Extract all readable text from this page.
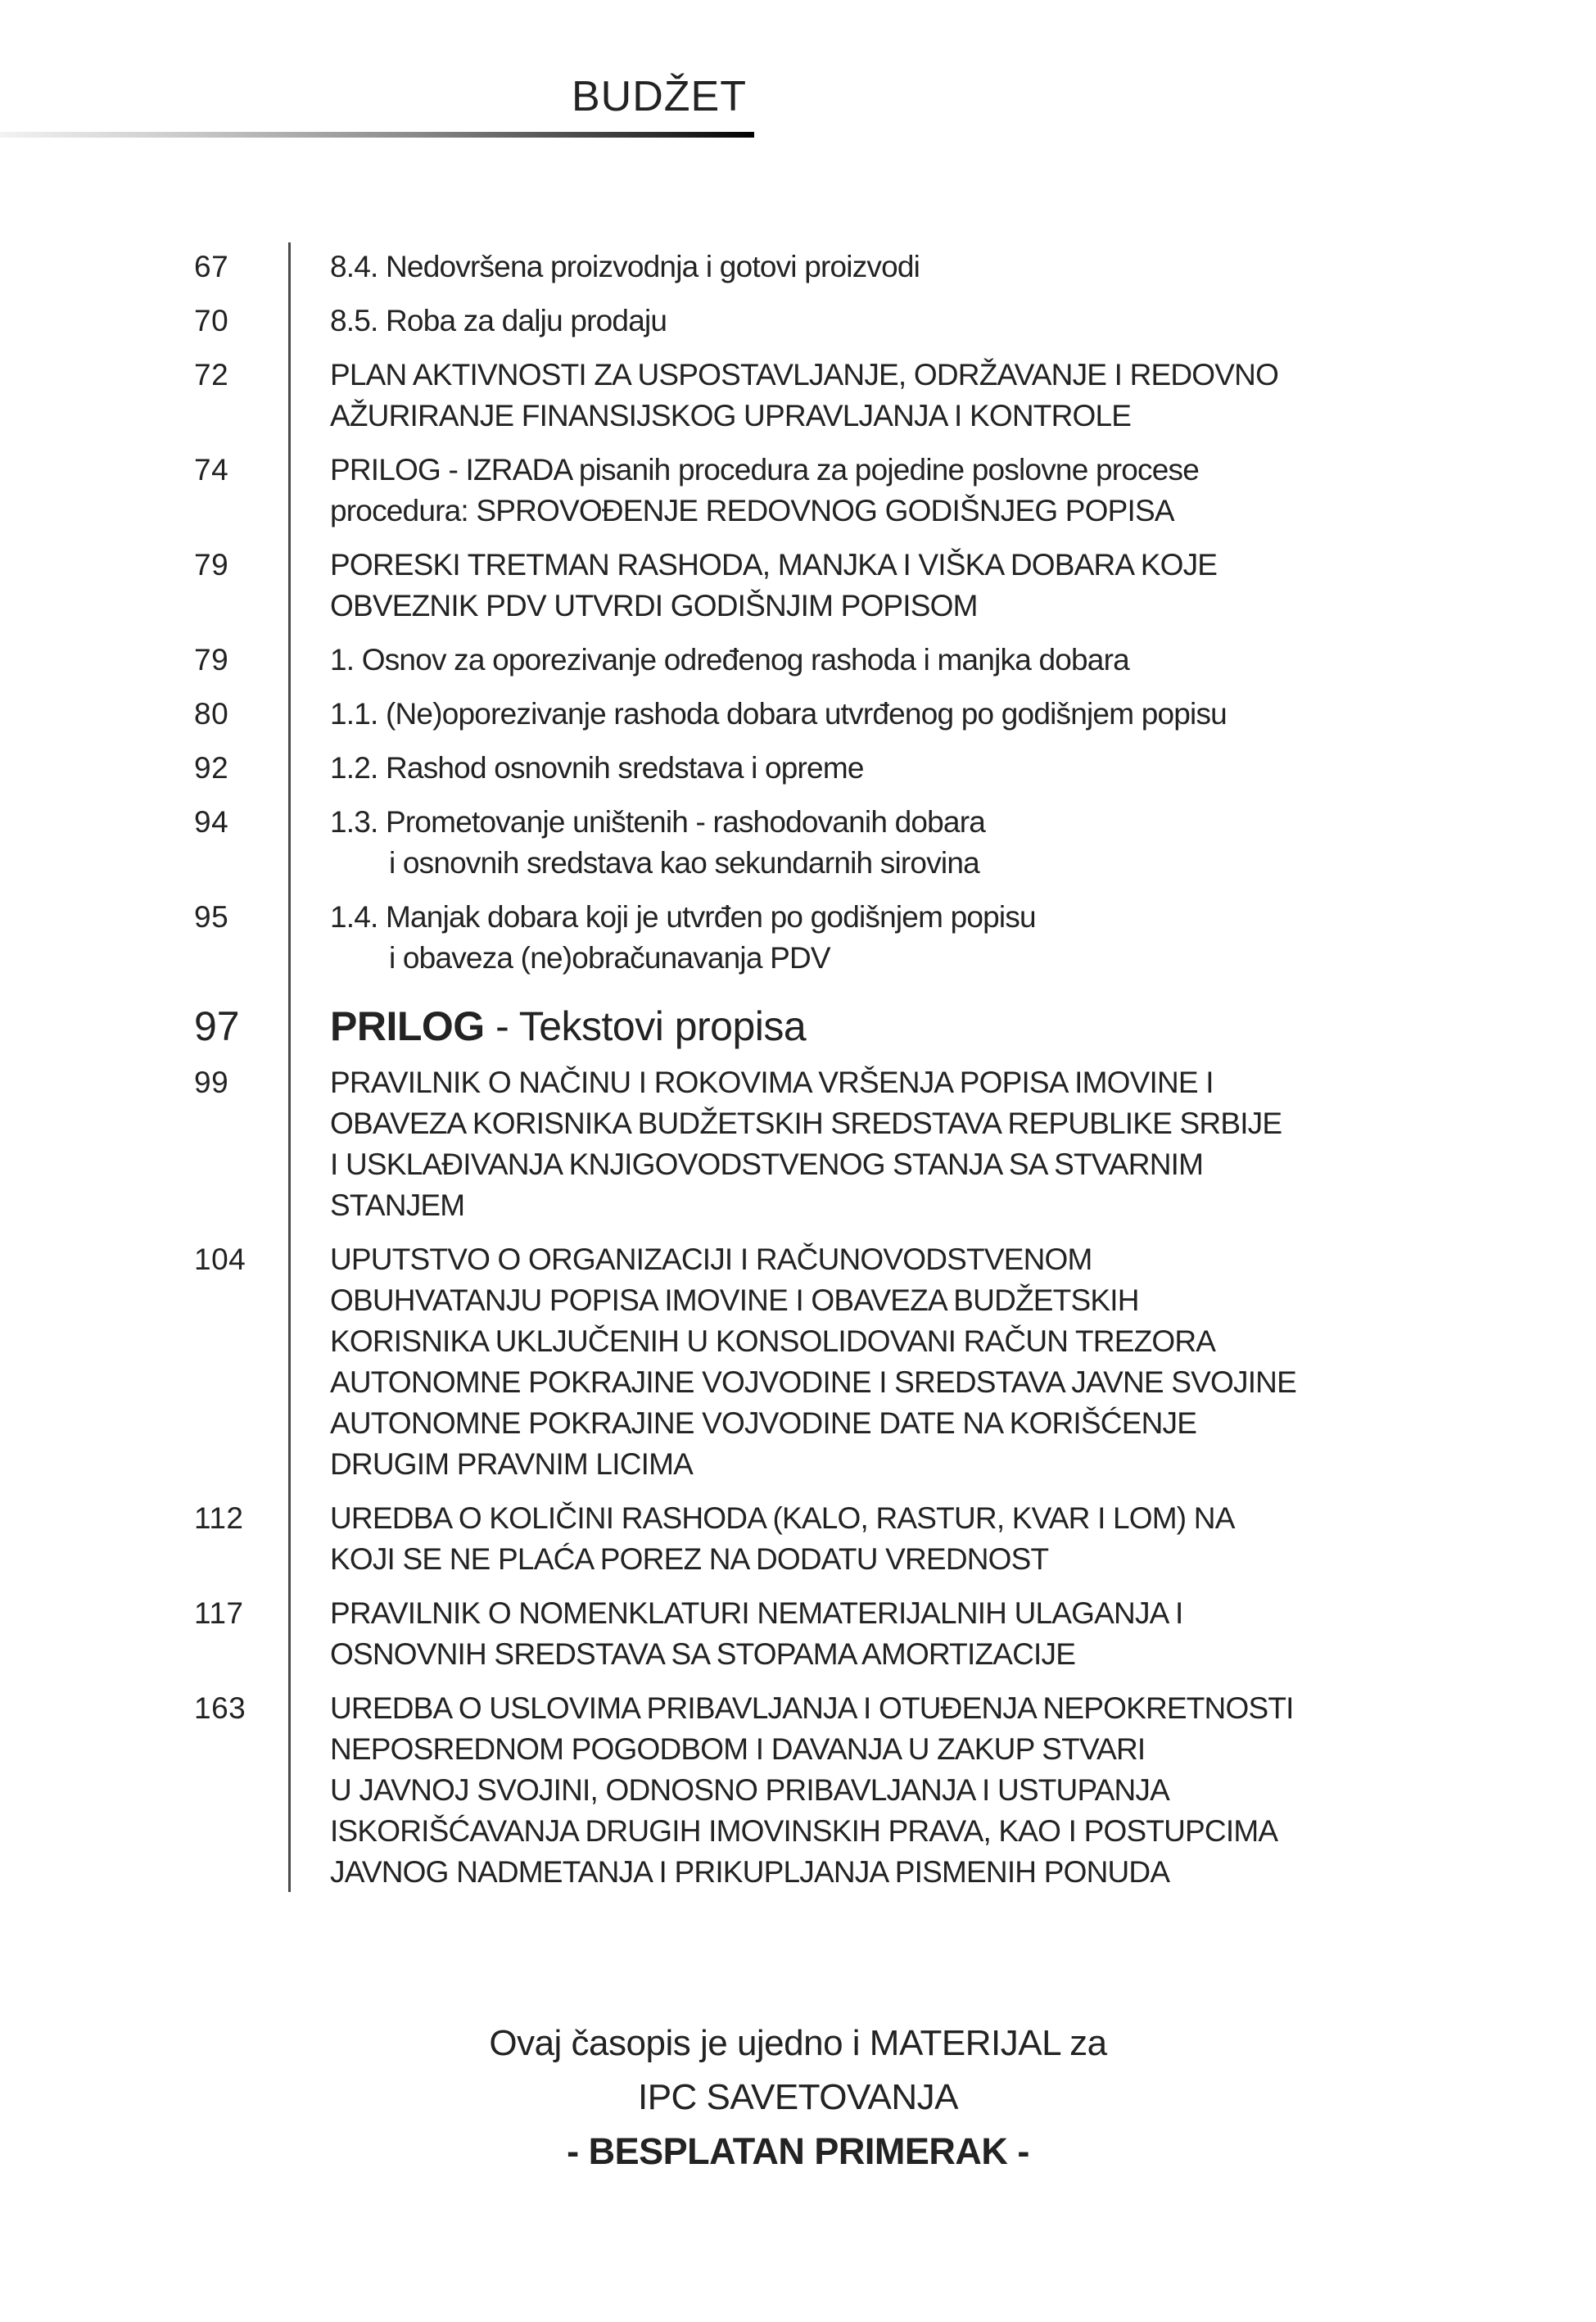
BUDŽET
67	8.4. Nedovršena proizvodnja i gotovi proizvodi
70	8.5. Roba za dalju prodaju
72	PLAN AKTIVNOSTI ZA USPOSTAVLJANJE, ODRŽAVANJE I REDOVNO
AŽURIRANJE FINANSIJSKOG UPRAVLJANJA I KONTROLE
74	PRILOG - IZRADA pisanih procedura za pojedine poslovne procese
procedura: SPROVOĐENJE REDOVNOG GODIŠNJEG POPISA
79	PORESKI TRETMAN RASHODA, MANJKA I VIŠKA DOBARA KOJE
OBVEZNIK PDV UTVRDI GODIŠNJIM POPISOM
79	1. Osnov za oporezivanje određenog rashoda i manjka dobara
80	1.1. (Ne)oporezivanje rashoda dobara utvrđenog po godišnjem popisu
92	1.2. Rashod osnovnih sredstava i opreme
94	1.3. Prometovanje uništenih - rashodovanih dobara
i osnovnih sredstava kao sekundarnih sirovina
95	1.4. Manjak dobara koji je utvrđen po godišnjem popisu
i obaveza (ne)obračunavanja PDV
97	PRILOG - Tekstovi propisa
99	PRAVILNIK O NAČINU I ROKOVIMA VRŠENJA POPISA IMOVINE I
OBAVEZA KORISNIKA BUDŽETSKIH SREDSTAVA REPUBLIKE SRBIJE
I USKLAĐIVANJA KNJIGOVODSTVENOG STANJA SA STVARNIM
STANJEM
104	UPUTSTVO O ORGANIZACIJI I RAČUNOVODSTVENOM
OBUHVATANJU POPISA IMOVINE I OBAVEZA BUDŽETSKIH
KORISNIKA UKLJUČENIH U KONSOLIDOVANI RAČUN TREZORA
AUTONOMNE POKRAJINE VOJVODINE I SREDSTAVA JAVNE SVOJINE
AUTONOMNE POKRAJINE VOJVODINE DATE NA KORIŠĆENJE
DRUGIM PRAVNIM LICIMA
112	UREDBA O KOLIČINI RASHODA (KALO, RASTUR, KVAR I LOM) NA
KOJI SE NE PLAĆA POREZ NA DODATU VREDNOST
117	PRAVILNIK O NOMENKLATURI NEMATERIJALNIH ULAGANJA I
OSNOVNIH SREDSTAVA SA STOPAMA AMORTIZACIJE
163	UREDBA O USLOVIMA PRIBAVLJANJA I OTUĐENJA NEPOKRETNOSTI
NEPOSREDNOM POGODBOM I DAVANJA U ZAKUP STVARI
U JAVNOJ SVOJINI, ODNOSNO PRIBAVLJANJA I USTUPANJA
ISKORIŠĆAVANJA DRUGIH IMOVINSKIH PRAVA, KAO I POSTUPCIMA
JAVNOG NADMETANJA I PRIKUPLJANJA PISMENIH PONUDA
Ovaj časopis je ujedno i MATERIJAL za
IPC SAVETOVANJA
- BESPLATAN PRIMERAK -
